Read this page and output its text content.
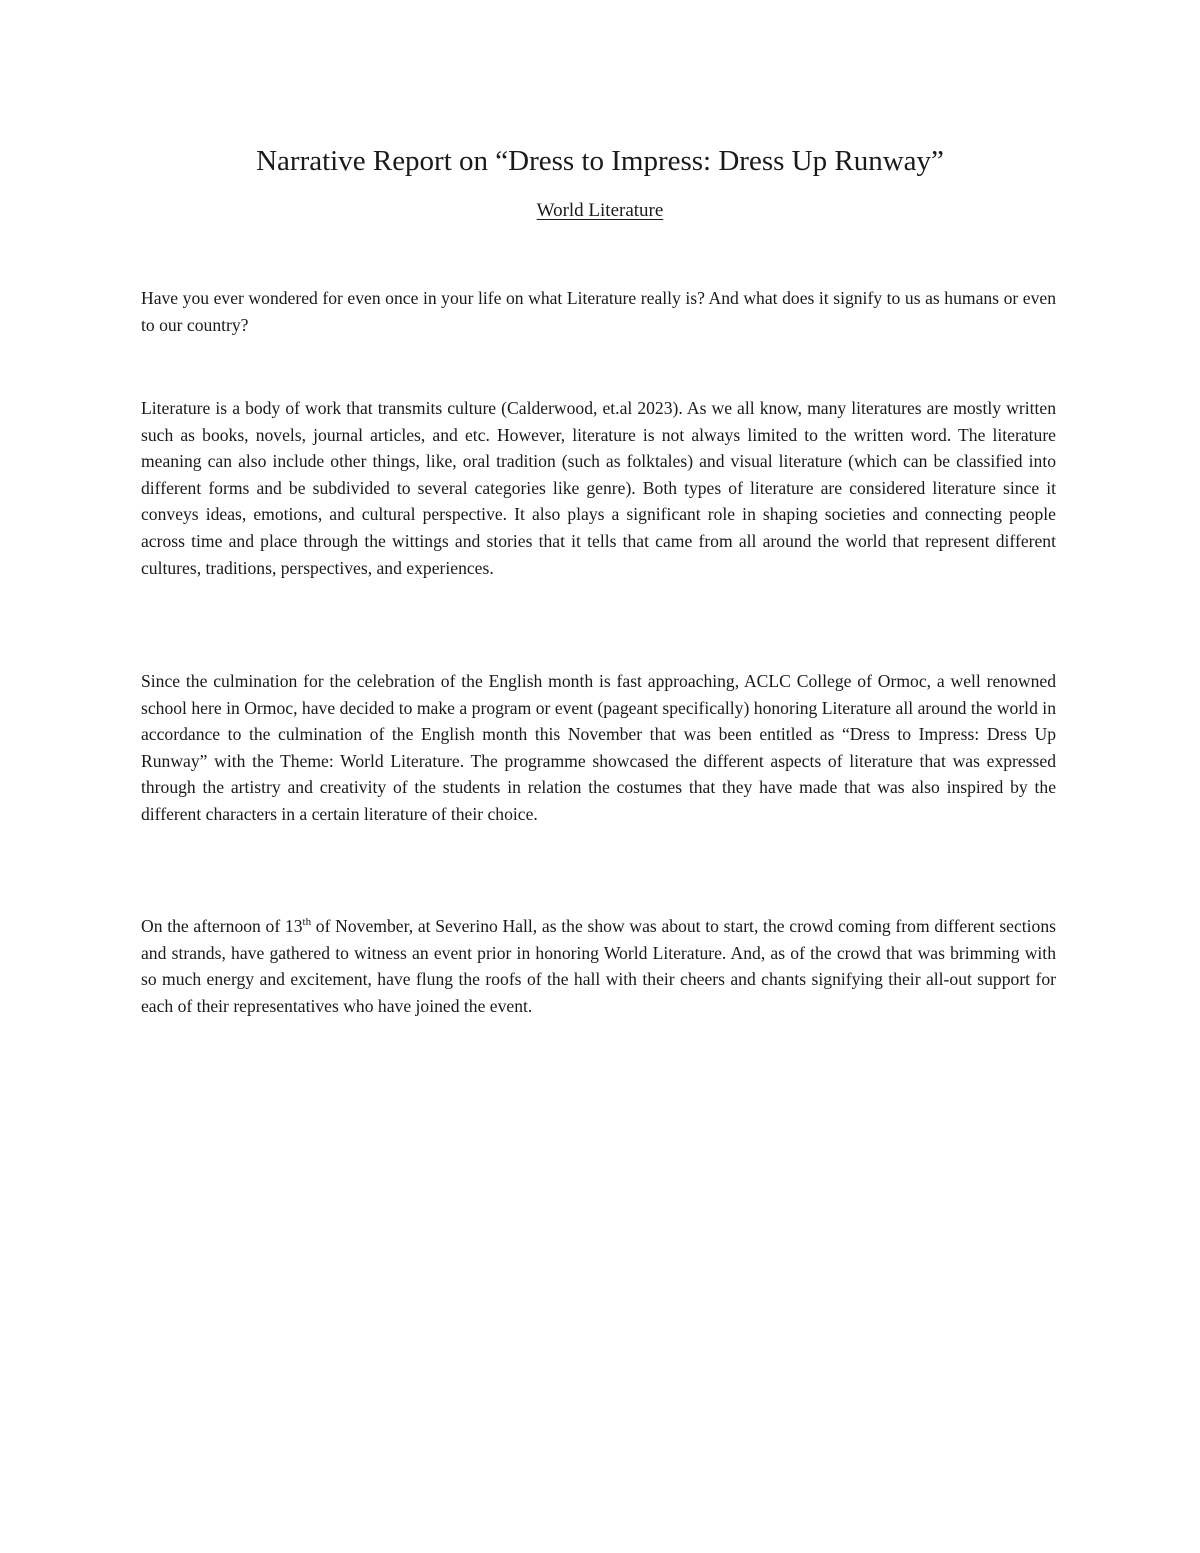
Narrative Report on “Dress to Impress: Dress Up Runway”

World Literature

Have you ever wondered for even once in your life on what Literature really is? And what does it signify to us as humans or even to our country?

Literature is a body of work that transmits culture (Calderwood, et.al 2023). As we all know, many literatures are mostly written such as books, novels, journal articles, and etc. However, literature is not always limited to the written word. The literature meaning can also include other things, like, oral tradition (such as folktales) and visual literature (which can be classified into different forms and be subdivided to several categories like genre). Both types of literature are considered literature since it conveys ideas, emotions, and cultural perspective. It also plays a significant role in shaping societies and connecting people across time and place through the wittings and stories that it tells that came from all around the world that represent different cultures, traditions, perspectives, and experiences.

Since the culmination for the celebration of the English month is fast approaching, ACLC College of Ormoc, a well renowned school here in Ormoc, have decided to make a program or event (pageant specifically) honoring Literature all around the world in accordance to the culmination of the English month this November that was been entitled as “Dress to Impress: Dress Up Runway” with the Theme: World Literature. The programme showcased the different aspects of literature that was expressed through the artistry and creativity of the students in relation the costumes that they have made that was also inspired by the different characters in a certain literature of their choice.

On the afternoon of 13th of November, at Severino Hall, as the show was about to start, the crowd coming from different sections and strands, have gathered to witness an event prior in honoring World Literature. And, as of the crowd that was brimming with so much energy and excitement, have flung the roofs of the hall with their cheers and chants signifying their all-out support for each of their representatives who have joined the event.
